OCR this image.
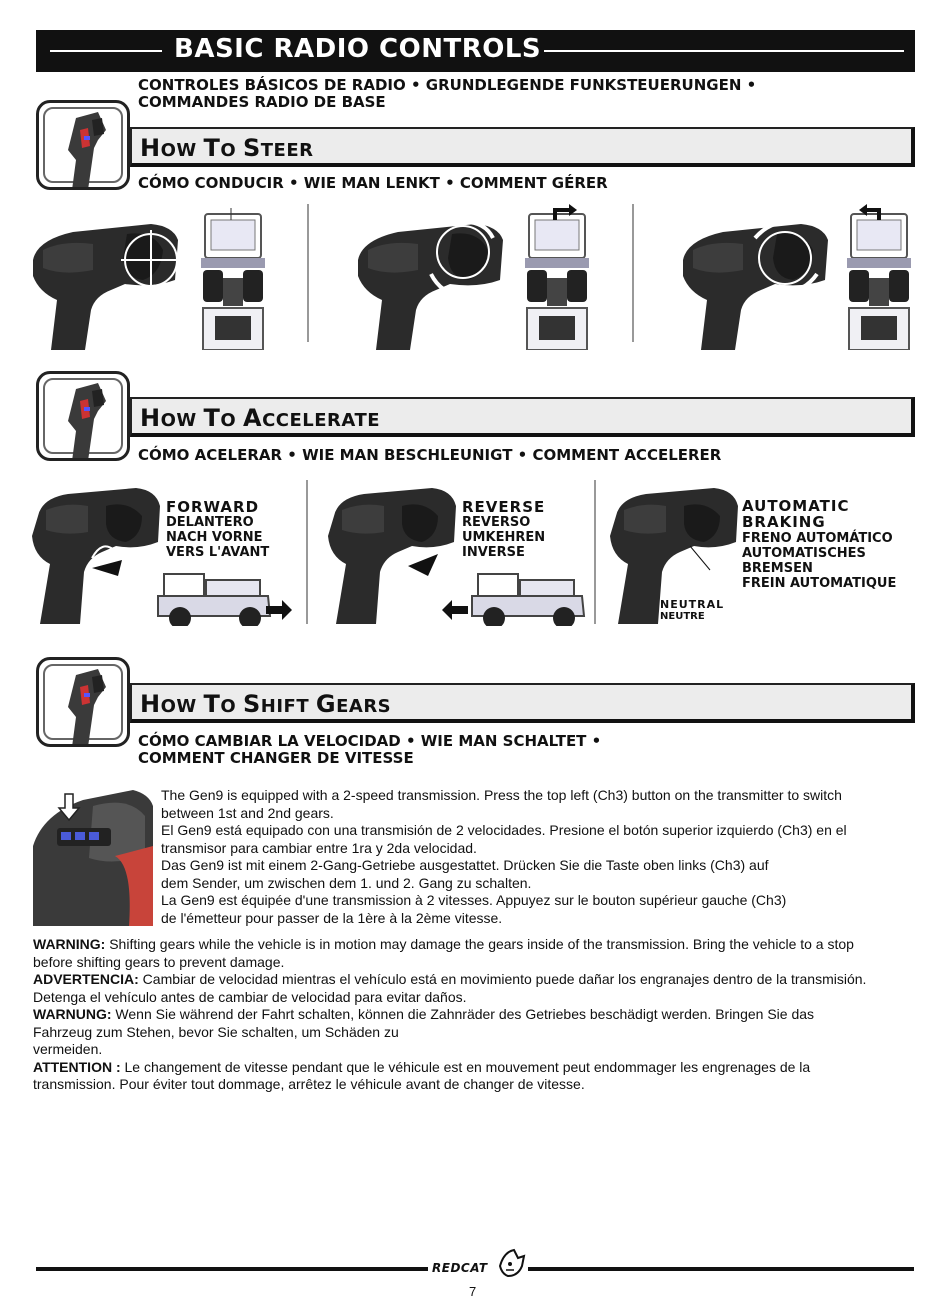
BASIC RADIO CONTROLS
CONTROLES BÁSICOS DE RADIO • GRUNDLEGENDE FUNKSTEUERUNGEN •
COMMANDES RADIO DE BASE
HOW TO STEER
CÓMO CONDUCIR • WIE MAN LENKT • COMMENT GÉRER
HOW TO ACCELERATE
CÓMO ACELERAR • WIE MAN BESCHLEUNIGT • COMMENT ACCELERER
FORWARD
DELANTERO
NACH VORNE
VERS L'AVANT
REVERSE
REVERSO
UMKEHREN
INVERSE
AUTOMATIC
BRAKING
FRENO AUTOMÁTICO
AUTOMATISCHES
BREMSEN
FREIN AUTOMATIQUE
NEUTRAL
NEUTRE
HOW TO SHIFT GEARS
CÓMO CAMBIAR LA VELOCIDAD • WIE MAN SCHALTET •
COMMENT CHANGER DE VITESSE
The Gen9 is equipped with a 2-speed transmission. Press the top left (Ch3) button on the transmitter to switch
between 1st and 2nd gears.
El Gen9 está equipado con una transmisión de 2 velocidades. Presione el botón superior izquierdo (Ch3) en el
transmisor para cambiar entre 1ra y 2da velocidad.
Das Gen9 ist mit einem 2-Gang-Getriebe ausgestattet. Drücken Sie die Taste oben links (Ch3) auf
dem Sender, um zwischen dem 1. und 2. Gang zu schalten.
La Gen9 est équipée d'une transmission à 2 vitesses. Appuyez sur le bouton supérieur gauche (Ch3)
de l'émetteur pour passer de la 1ère à la 2ème vitesse.
WARNING: Shifting gears while the vehicle is in motion may damage the gears inside of the transmission. Bring the vehicle to a stop
before shifting gears to prevent damage.
ADVERTENCIA: Cambiar de velocidad mientras el vehículo está en movimiento puede dañar los engranajes dentro de la transmisión.
Detenga el vehículo antes de cambiar de velocidad para evitar daños.
WARNUNG: Wenn Sie während der Fahrt schalten, können die Zahnräder des Getriebes beschädigt werden. Bringen Sie das
Fahrzeug zum Stehen, bevor Sie schalten, um Schäden zu
vermeiden.
ATTENTION : Le changement de vitesse pendant que le véhicule est en mouvement peut endommager les engrenages de la
transmission. Pour éviter tout dommage, arrêtez le véhicule avant de changer de vitesse.
REDCAT
7
